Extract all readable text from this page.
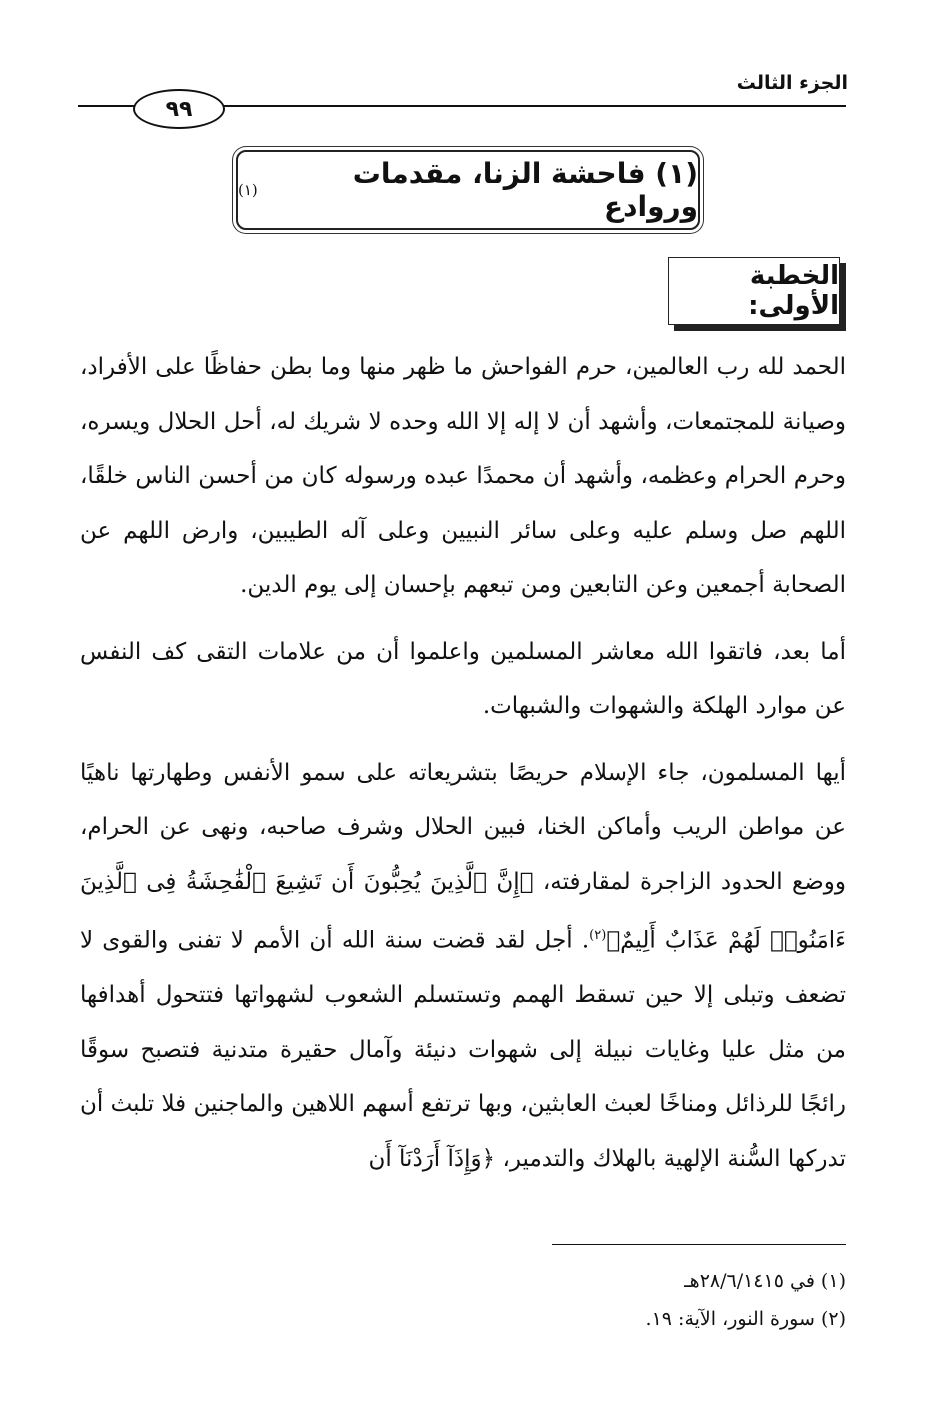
الجزء الثالث
٩٩
(١) فاحشة الزنا، مقدمات وروادع
(١)
الخطبة الأولى:

الحمد لله رب العالمين، حرم الفواحش ما ظهر منها وما بطن حفاظًا على الأفراد، وصيانة للمجتمعات، وأشهد أن لا إله إلا الله وحده لا شريك له، أحل الحلال ويسره، وحرم الحرام وعظمه، وأشهد أن محمدًا عبده ورسوله كان من أحسن الناس خلقًا، اللهم صل وسلم عليه وعلى سائر النبيين وعلى آله الطيبين، وارض اللهم عن الصحابة أجمعين وعن التابعين ومن تبعهم بإحسان إلى يوم الدين.

أما بعد، فاتقوا الله معاشر المسلمين واعلموا أن من علامات التقى كف النفس عن موارد الهلكة والشهوات والشبهات.

أيها المسلمون، جاء الإسلام حريصًا بتشريعاته على سمو الأنفس وطهارتها ناهيًا عن مواطن الريب وأماكن الخنا، فبين الحلال وشرف صاحبه، ونهى عن الحرام، ووضع الحدود الزاجرة لمقارفته، ﴿إِنَّ ٱلَّذِينَ يُحِبُّونَ أَن تَشِيعَ ٱلْفَٰحِشَةُ فِى ٱلَّذِينَ ءَامَنُوا۟ لَهُمْ عَذَابٌ أَلِيمٌ﴾$^{(٢)}$. أجل لقد قضت سنة الله أن الأمم لا تفنى والقوى لا تضعف وتبلى إلا حين تسقط الهمم وتستسلم الشعوب لشهواتها فتتحول أهدافها من مثل عليا وغايات نبيلة إلى شهوات دنيئة وآمال حقيرة متدنية فتصبح سوقًا رائجًا للرذائل ومناخًا لعبث العابثين، وبها ترتفع أسهم اللاهين والماجنين فلا تلبث أن تدركها السُّنة الإلهية بالهلاك والتدمير، ﴿وَإِذَآ أَرَدْنَآ أَن

(١) في ٢٨/٦/١٤١٥هـ
(٢) سورة النور، الآية: ١٩.
